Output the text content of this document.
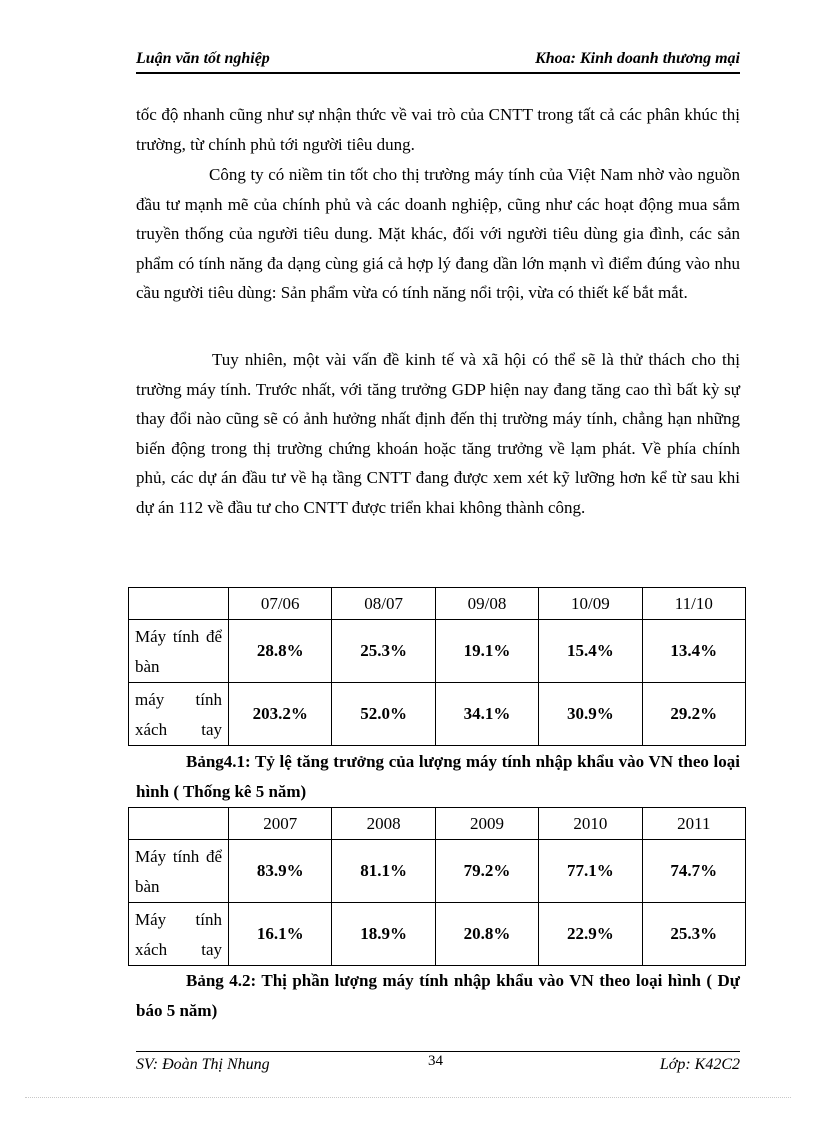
Luận văn tốt nghiệp	Khoa: Kinh doanh thương mại

tốc độ nhanh cũng như sự nhận thức về vai trò của CNTT trong tất cả các phân khúc thị trường, từ chính phủ tới người tiêu dung.

Công ty có niềm tin tốt cho thị trường máy tính của Việt Nam nhờ vào nguồn đầu tư mạnh mẽ của chính phủ và các doanh nghiệp, cũng như các hoạt động mua sắm truyền thống của người tiêu dung. Mặt khác, đối với người tiêu dùng gia đình, các sản phẩm có tính năng đa dạng cùng giá cả hợp lý đang dần lớn mạnh vì điểm đúng vào nhu cầu người tiêu dùng: Sản phẩm vừa có tính năng nổi trội, vừa có thiết kế bắt mắt.

Tuy nhiên, một vài vấn đề kinh tế và xã hội có thể sẽ là thử thách cho thị trường máy tính. Trước nhất, với tăng trưởng GDP hiện nay đang tăng cao thì bất kỳ sự thay đổi nào cũng sẽ có ảnh hưởng nhất định đến thị trường máy tính, chẳng hạn những biến động trong thị trường chứng khoán hoặc tăng trưởng về lạm phát. Về phía chính phủ, các dự án đầu tư về hạ tầng CNTT đang được xem xét kỹ lưỡng hơn kể từ sau khi dự án 112 về đầu tư cho CNTT được triển khai không thành công.

	07/06	08/07	09/08	10/09	11/10
Máy tính để bàn	28.8%	25.3%	19.1%	15.4%	13.4%
máy tính xách tay	203.2%	52.0%	34.1%	30.9%	29.2%

Bảng4.1: Tỷ lệ tăng trưởng của lượng máy tính nhập khẩu vào VN theo loại hình ( Thống kê 5 năm)

	2007	2008	2009	2010	2011
Máy tính để bàn	83.9%	81.1%	79.2%	77.1%	74.7%
Máy tính xách tay	16.1%	18.9%	20.8%	22.9%	25.3%

Bảng 4.2: Thị phần lượng máy tính nhập khẩu vào VN theo loại hình ( Dự báo 5 năm)

SV: Đoàn Thị Nhung	34	Lớp: K42C2
